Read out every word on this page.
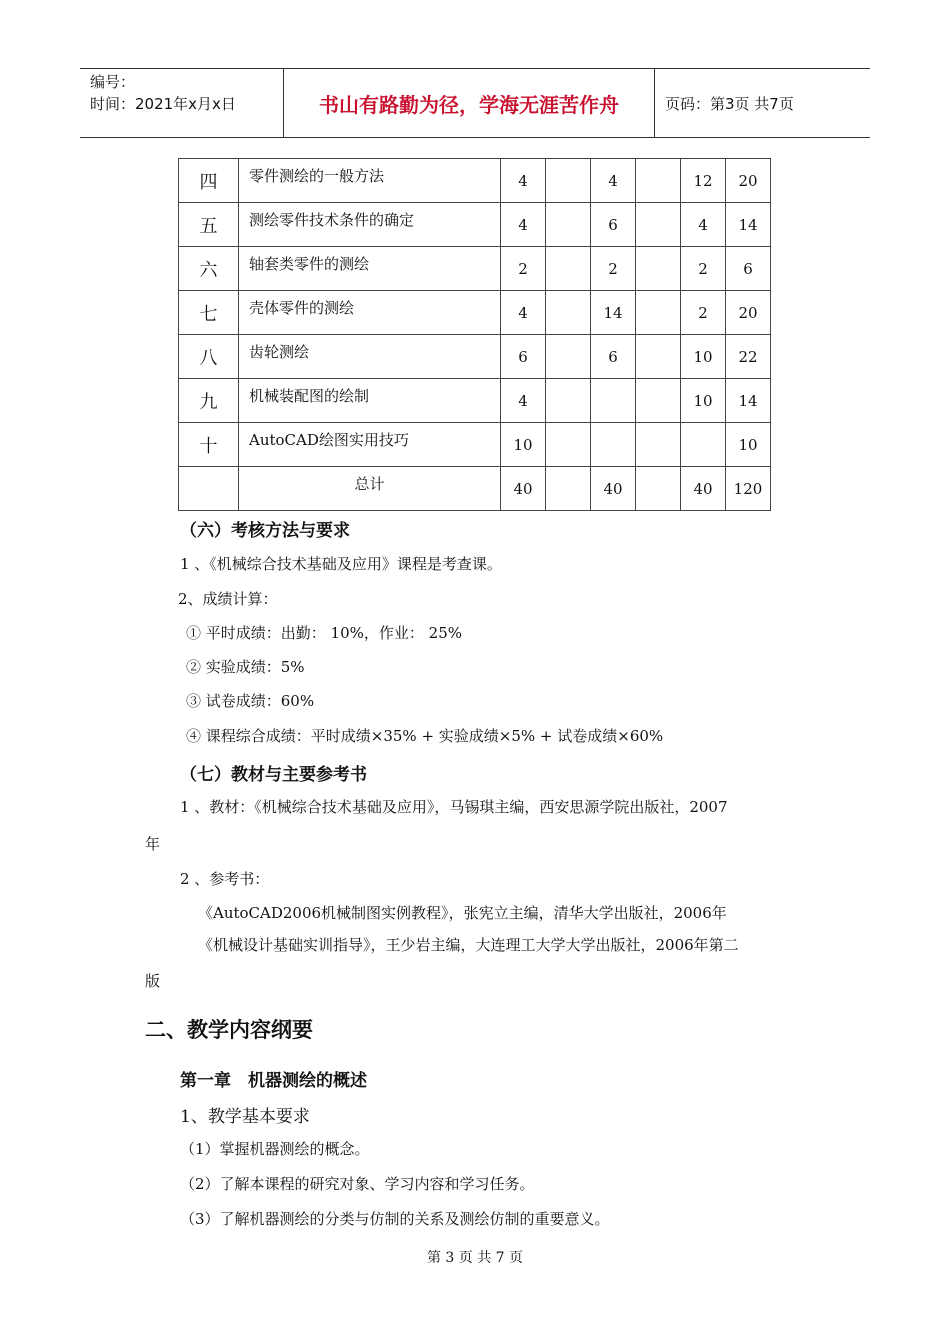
编号：
时间：2021年x月x日	书山有路勤为径，学海无涯苦作舟	页码：第3页 共7页
四	零件测绘的一般方法	4		4		12	20
五	测绘零件技术条件的确定	4		6		4	14
六	轴套类零件的测绘	2		2		2	6
七	壳体零件的测绘	4		14		2	20
八	齿轮测绘	6		6		10	22
九	机械装配图的绘制	4				10	14
十	AutoCAD绘图实用技巧	10					10
	总计	40		40		40	120
（六）考核方法与要求
1 、《机械综合技术基础及应用》课程是考查课。
2、成绩计算：
① 平时成绩：出勤： 10%，作业： 25%
② 实验成绩：5%
③ 试卷成绩：60%
④ 课程综合成绩：平时成绩×35% + 实验成绩×5% + 试卷成绩×60%
（七）教材与主要参考书
1 、教材：《机械综合技术基础及应用》，马锡琪主编，西安思源学院出版社，2007
年
2 、参考书：
《AutoCAD2006机械制图实例教程》，张宪立主编，清华大学出版社，2006年
《机械设计基础实训指导》，王少岩主编，大连理工大学大学出版社，2006年第二
版
二、教学内容纲要
第一章　机器测绘的概述
1、教学基本要求
（1）掌握机器测绘的概念。
（2）了解本课程的研究对象、学习内容和学习任务。
（3）了解机器测绘的分类与仿制的关系及测绘仿制的重要意义。
第 3 页 共 7 页
